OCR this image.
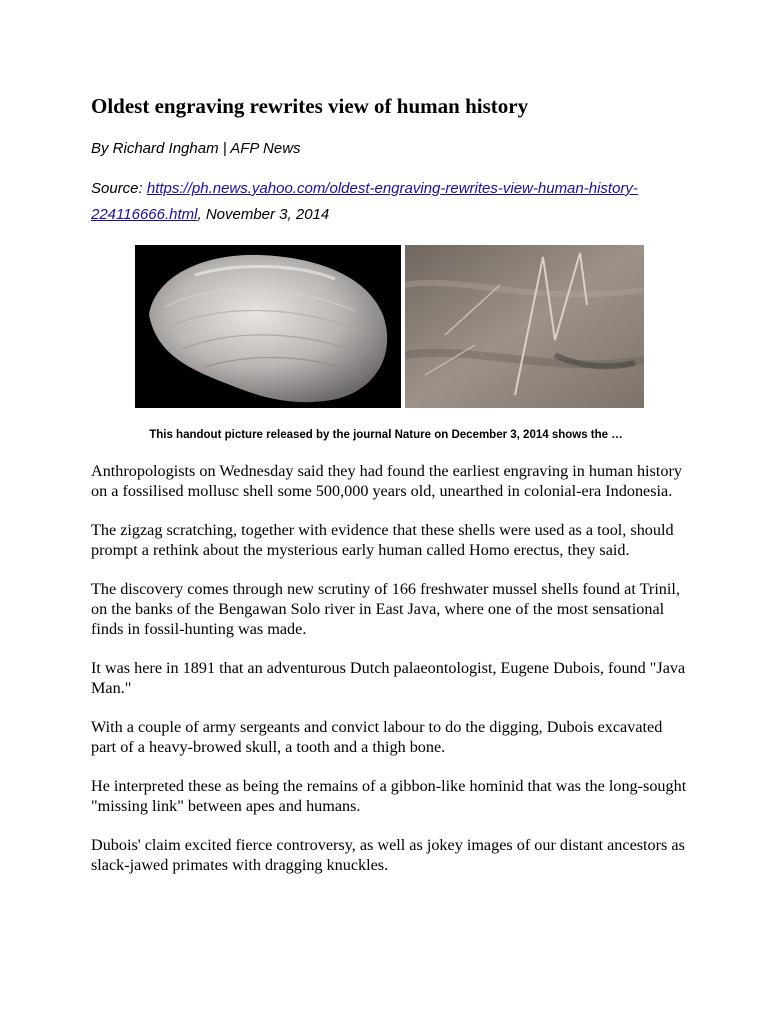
Oldest engraving rewrites view of human history
By Richard Ingham | AFP News
Source: https://ph.news.yahoo.com/oldest-engraving-rewrites-view-human-history-224116666.html, November 3, 2014
This handout picture released by the journal Nature on December 3, 2014 shows the …

Anthropologists on Wednesday said they had found the earliest engraving in human history on a fossilised mollusc shell some 500,000 years old, unearthed in colonial-era Indonesia.

The zigzag scratching, together with evidence that these shells were used as a tool, should prompt a rethink about the mysterious early human called Homo erectus, they said.

The discovery comes through new scrutiny of 166 freshwater mussel shells found at Trinil, on the banks of the Bengawan Solo river in East Java, where one of the most sensational finds in fossil-hunting was made.

It was here in 1891 that an adventurous Dutch palaeontologist, Eugene Dubois, found "Java Man."

With a couple of army sergeants and convict labour to do the digging, Dubois excavated part of a heavy-browed skull, a tooth and a thigh bone.

He interpreted these as being the remains of a gibbon-like hominid that was the long-sought "missing link" between apes and humans.

Dubois' claim excited fierce controversy, as well as jokey images of our distant ancestors as slack-jawed primates with dragging knuckles.
